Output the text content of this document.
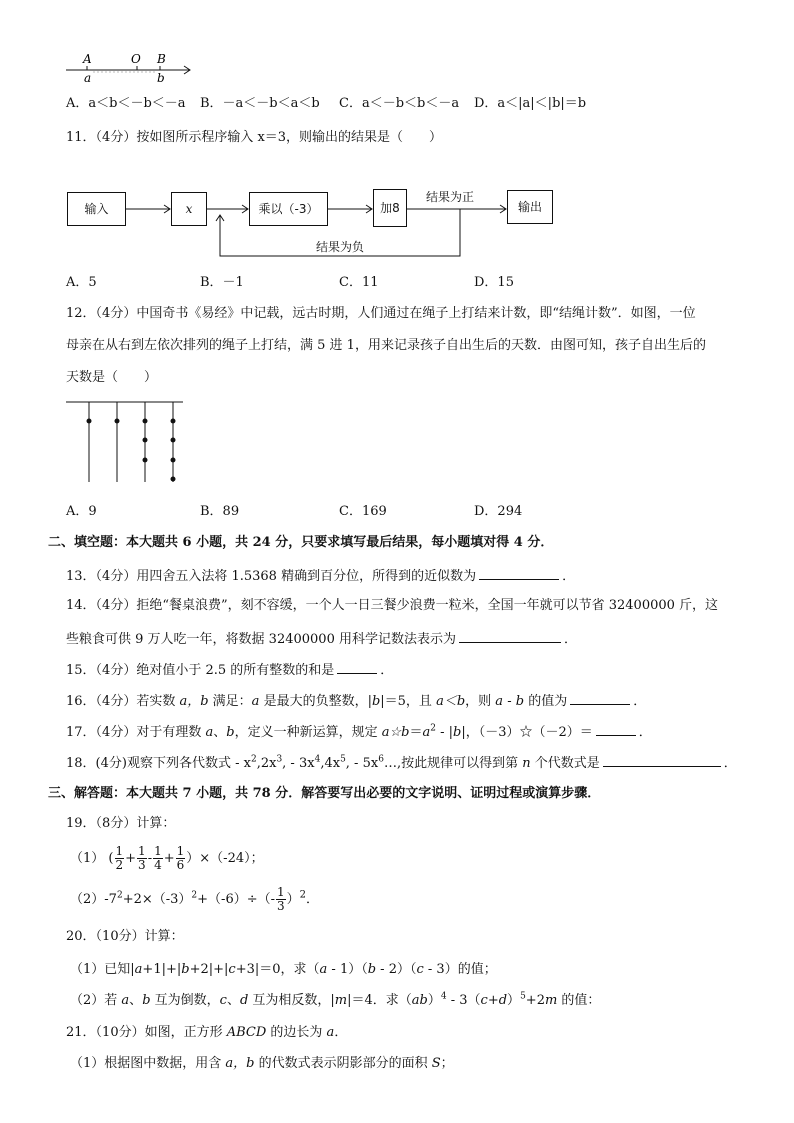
A	O B
a	b
A．a＜b＜－b＜－a B．－a＜－b＜a＜b C．a＜－b＜b＜－a D．a＜|a|＜|b|＝b
11．（4分）按如图所示程序输入 x＝3，则输出的结果是（　　）
输入	x	乘以（-3）	加8	输出
结果为正
结果为负
A．5	B．－1	C．11	D．15
12．（4分）中国奇书《易经》中记载，远古时期，人们通过在绳子上打结来计数，即“结绳计数”．如图，一位
母亲在从右到左依次排列的绳子上打结，满 5 进 1，用来记录孩子自出生后的天数．由图可知，孩子自出生后的
天数是（　　）
A．9	B．89	C．169	D．294
二、填空题：本大题共 6 小题，共 24 分，只要求填写最后结果，每小题填对得 4 分．
13．（4分）用四舍五入法将 1.5368 精确到百分位，所得到的近似数为	．
14．（4分）拒绝“餐桌浪费”，刻不容缓，一个人一日三餐少浪费一粒米，全国一年就可以节省 32400000 斤，这
些粮食可供 9 万人吃一年，将数据 32400000 用科学记数法表示为	．
15．（4分）绝对值小于 2.5 的所有整数的和是	．
16．（4分）若实数 a，b 满足：a 是最大的负整数，|b|＝5，且 a＜b，则 a - b 的值为	．
17．（4分）对于有理数 a、b，定义一种新运算，规定 $a☆b=a^2 - |b|$，（－3）☆（－2）＝	．
18．(4分)观察下列各代数式 - $x^2,2x^3$, - $3x^4,4x^5$, - $5x^6\dots$,按此规律可以得到第 n 个代数式是	．
三、解答题：本大题共 7 小题，共 78 分．解答要写出必要的文字说明、证明过程或演算步骤．
19．（8分）计算：
（1） ( $\frac{1}{2} + \frac{1}{3} - \frac{1}{4} + \frac{1}{6} )\times(-24)$；
$(2)-7^2+2\times(-3)^2+(-6)\div(- \frac{1}{3} )^2$．
20．（10分）计算：
（1）已知|a+1|+|b+2|+|c+3|＝0，求（a - 1）（b - 2）（c - 3）的值；
（2）若 a、b 互为倒数，c、d 互为相反数，|m|＝4．求$(ab)^4 - 3(c+d)^5+2m$ 的值：
21．（10分）如图，正方形 ABCD 的边长为 a．
（1）根据图中数据，用含 a，b 的代数式表示阴影部分的面积 S；
